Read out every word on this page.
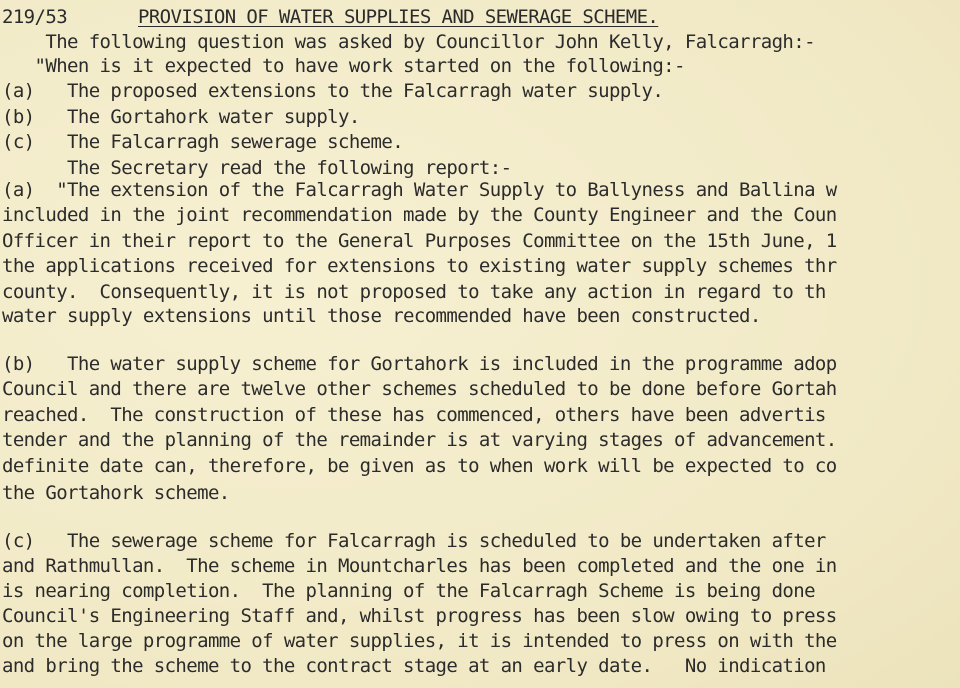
219/53	PROVISION OF WATER SUPPLIES AND SEWERAGE SCHEME.
The following question was asked by Councillor John Kelly, Falcarragh:-
"When is it expected to have work started on the following:-
(a)   The proposed extensions to the Falcarragh water supply.
(b)   The Gortahork water supply.
(c)   The Falcarragh sewerage scheme.
The Secretary read the following report:-
(a)  "The extension of the Falcarragh Water Supply to Ballyness and Ballina w
included in the joint recommendation made by the County Engineer and the Coun
Officer in their report to the General Purposes Committee on the 15th June, 1
the applications received for extensions to existing water supply schemes thr
county.  Consequently, it is not proposed to take any action in regard to th
water supply extensions until those recommended have been constructed.
(b)   The water supply scheme for Gortahork is included in the programme adop
Council and there are twelve other schemes scheduled to be done before Gortah
reached.  The construction of these has commenced, others have been advertis
tender and the planning of the remainder is at varying stages of advancement.
definite date can, therefore, be given as to when work will be expected to co
the Gortahork scheme.
(c)   The sewerage scheme for Falcarragh is scheduled to be undertaken after
and Rathmullan.  The scheme in Mountcharles has been completed and the one in
is nearing completion.  The planning of the Falcarragh Scheme is being done
Council's Engineering Staff and, whilst progress has been slow owing to press
on the large programme of water supplies, it is intended to press on with the
and bring the scheme to the contract stage at an early date.   No indication
